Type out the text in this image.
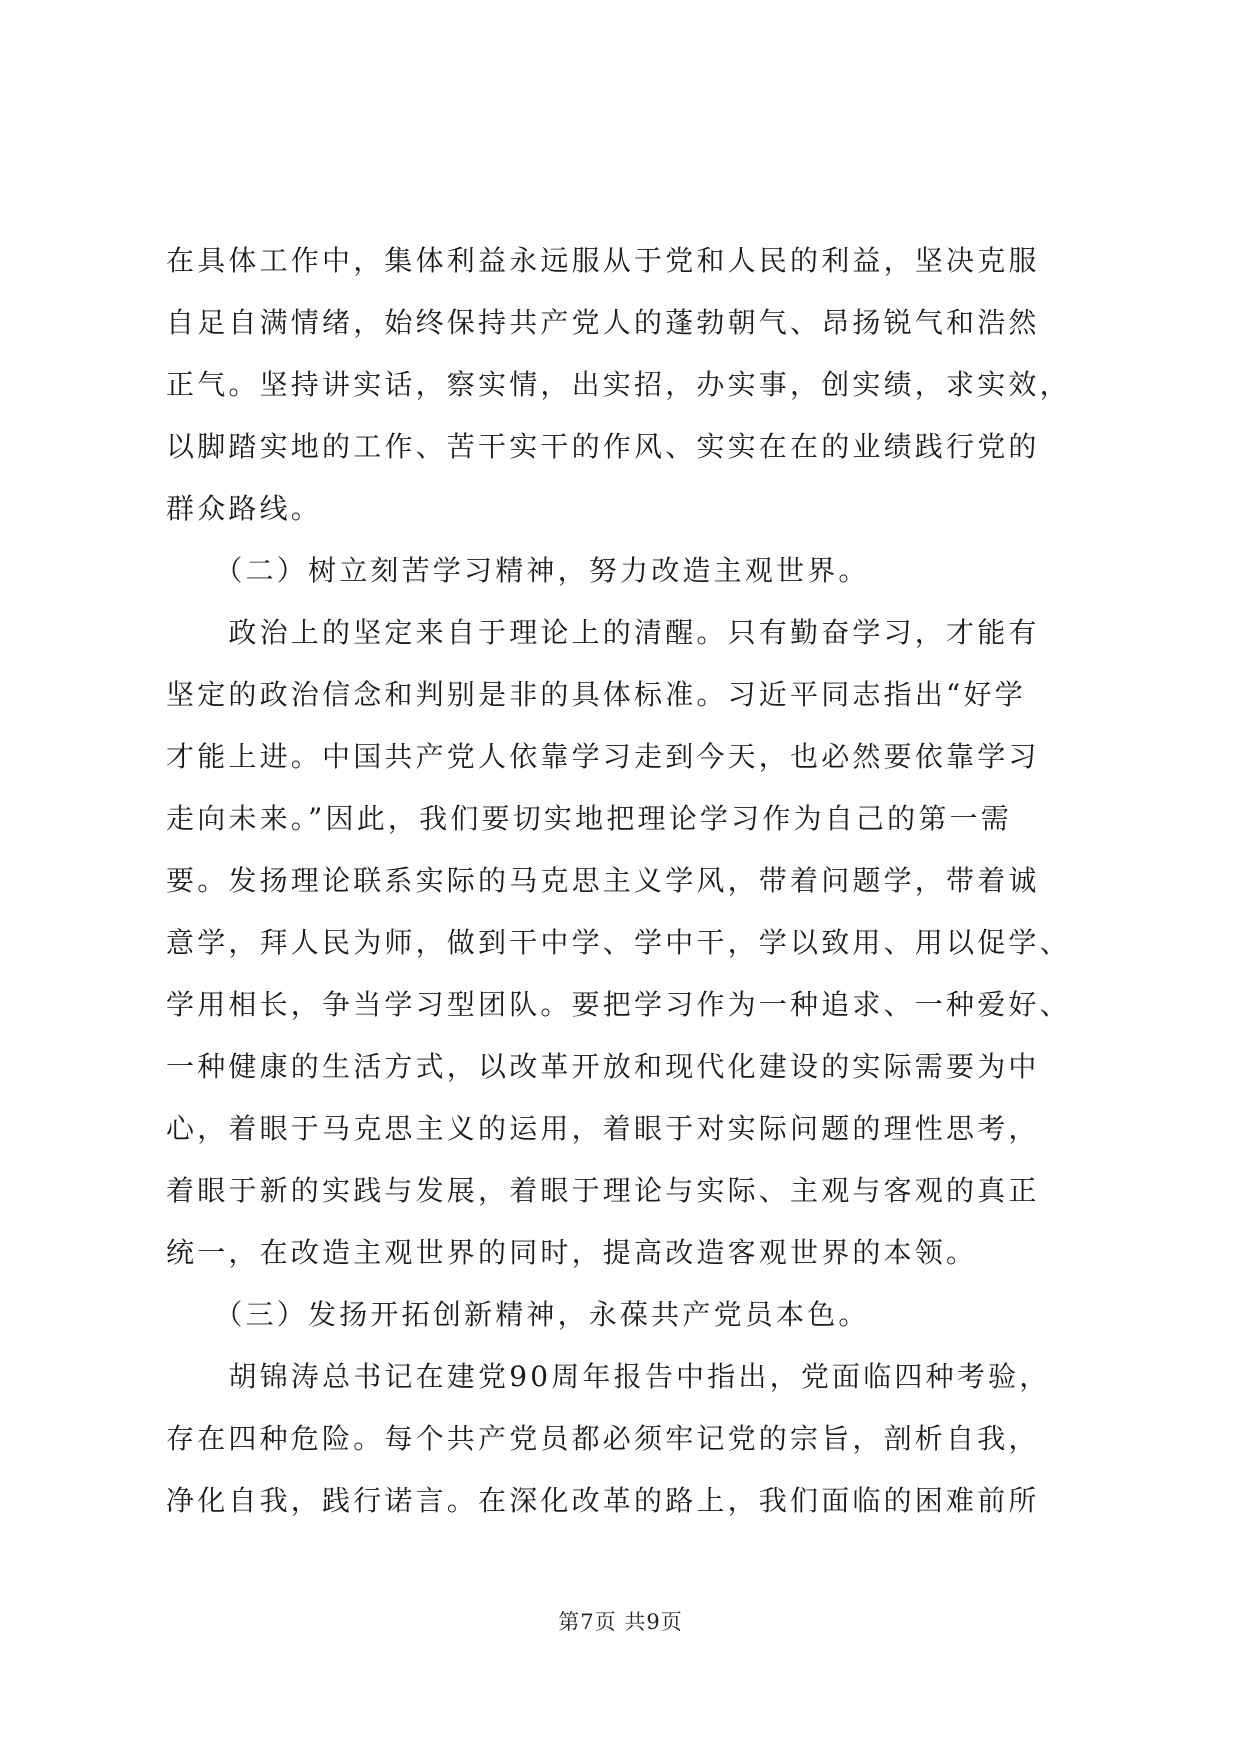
在具体工作中，集体利益永远服从于党和人民的利益，坚决克服
自足自满情绪，始终保持共产党人的蓬勃朝气、昂扬锐气和浩然
正气。坚持讲实话，察实情，出实招，办实事，创实绩，求实效，
以脚踏实地的工作、苦干实干的作风、实实在在的业绩践行党的
群众路线。
　　（二）树立刻苦学习精神，努力改造主观世界。
　　政治上的坚定来自于理论上的清醒。只有勤奋学习，才能有
坚定的政治信念和判别是非的具体标准。习近平同志指出“好学
才能上进。中国共产党人依靠学习走到今天，也必然要依靠学习
走向未来。”因此，我们要切实地把理论学习作为自己的第一需
要。发扬理论联系实际的马克思主义学风，带着问题学，带着诚
意学，拜人民为师，做到干中学、学中干，学以致用、用以促学、
学用相长，争当学习型团队。要把学习作为一种追求、一种爱好、
一种健康的生活方式，以改革开放和现代化建设的实际需要为中
心，着眼于马克思主义的运用，着眼于对实际问题的理性思考，
着眼于新的实践与发展，着眼于理论与实际、主观与客观的真正
统一，在改造主观世界的同时，提高改造客观世界的本领。
　　（三）发扬开拓创新精神，永葆共产党员本色。
　　胡锦涛总书记在建党90周年报告中指出，党面临四种考验，
存在四种危险。每个共产党员都必须牢记党的宗旨，剖析自我，
净化自我，践行诺言。在深化改革的路上，我们面临的困难前所
第7页 共9页
